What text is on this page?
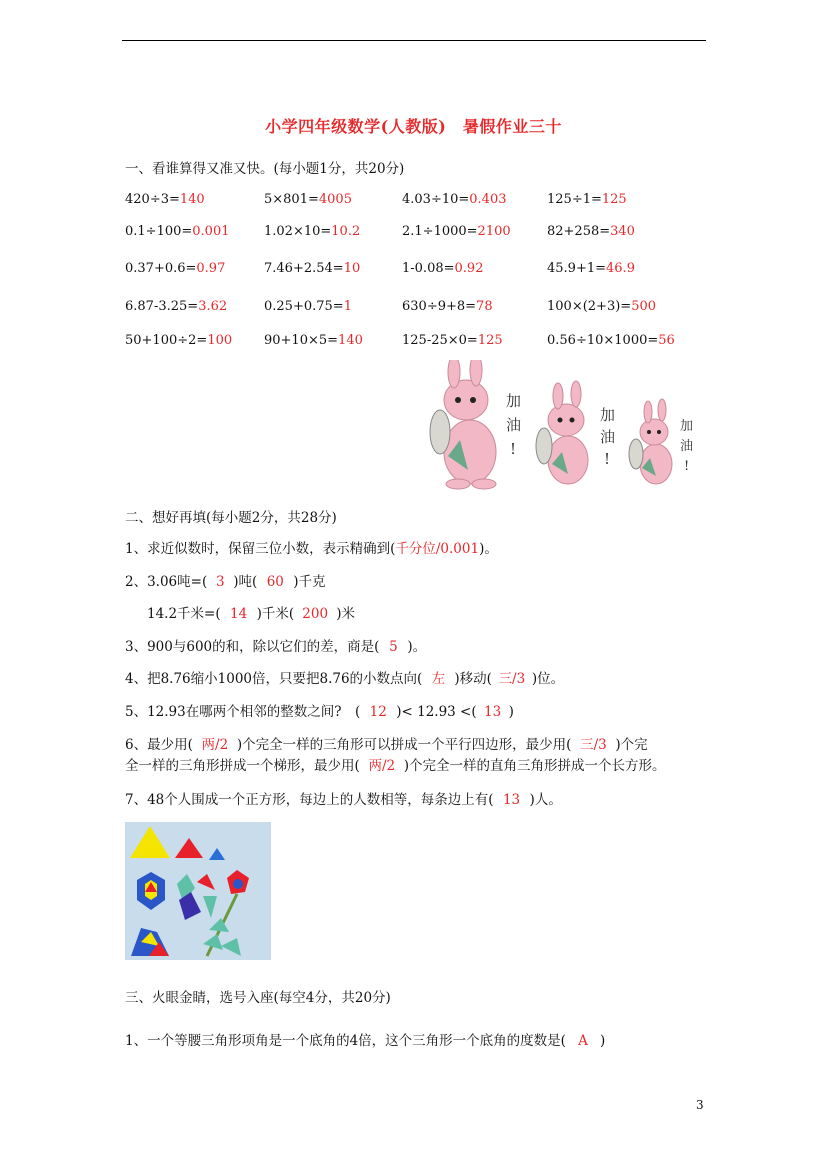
小学四年级数学(人教版)　暑假作业三十
一、看谁算得又准又快。(每小题1分，共20分)
420÷3=140	5×801=4005	4.03÷10=0.403	125÷1=125
0.1÷100=0.001	1.02×10=10.2	2.1÷1000=2100	82+258=340
0.37+0.6=0.97	7.46+2.54=10	1-0.08=0.92	45.9+1=46.9
6.87-3.25=3.62	0.25+0.75=1	630÷9+8=78	100×(2+3)=500
50+100÷2=100 90+10×5=140	125-25×0=125	0.56÷10×1000=56
加
油
!
加
油
!
加
油
!
二、想好再填(每小题2分，共28分)
1、求近似数时，保留三位小数，表示精确到(千分位/0.001)。
2、3.06吨=( 3 )吨( 60 )千克
14.2千米=( 14 )千米( 200 )米
3、900与600的和，除以它们的差，商是( 5 )。
4、把8.76缩小1000倍，只要把8.76的小数点向( 左 )移动( 三/3 )位。
5、12.93在哪两个相邻的整数之间?　( 12 )< 12.93 <( 13 )
6、最少用( 两/2 )个完全一样的三角形可以拼成一个平行四边形，最少用( 三/3 )个完
全一样的三角形拼成一个梯形，最少用( 两/2 )个完全一样的直角三角形拼成一个长方形。
7、48个人围成一个正方形，每边上的人数相等，每条边上有( 13 )人。
三、火眼金睛，选号入座(每空4分，共20分)
1、一个等腰三角形项角是一个底角的4倍，这个三角形一个底角的度数是( A )
3
